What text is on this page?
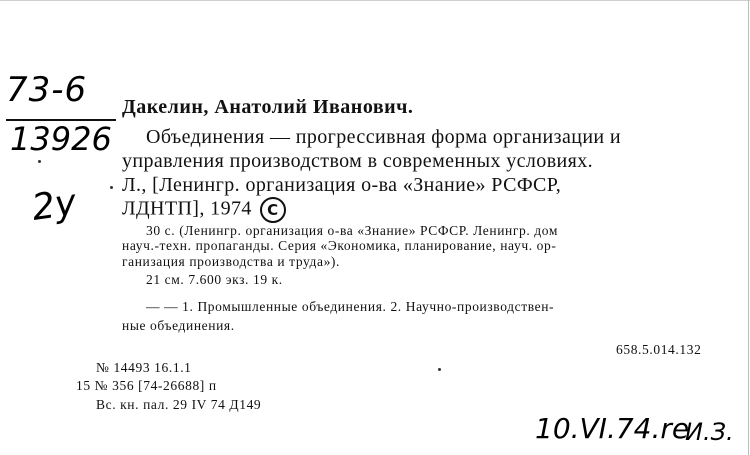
73-6
13926
2y
Дакелин, Анатолий Иванович.
Объединения — прогрессивная форма организации и
управления производством в современных условиях.
Л., [Ленингр. организация о-ва «Знание» РСФСР,
ЛДНТП], 1974 C
30 с. (Ленингр. организация о-ва «Знание» РСФСР. Ленингр. дом
науч.-техн. пропаганды. Серия «Экономика, планирование, науч. ор-
ганизация производства и труда»).
21 см. 7.600 экз. 19 к.
— — 1. Промышленные объединения. 2. Научно-производствен-
ные объединения.
658.5.014.132
№ 14493 16.1.1
15 № 356 [74-26688] п
Вс. кн. пал. 29 IV 74 Д149
10.VI.74.re
И.З.
